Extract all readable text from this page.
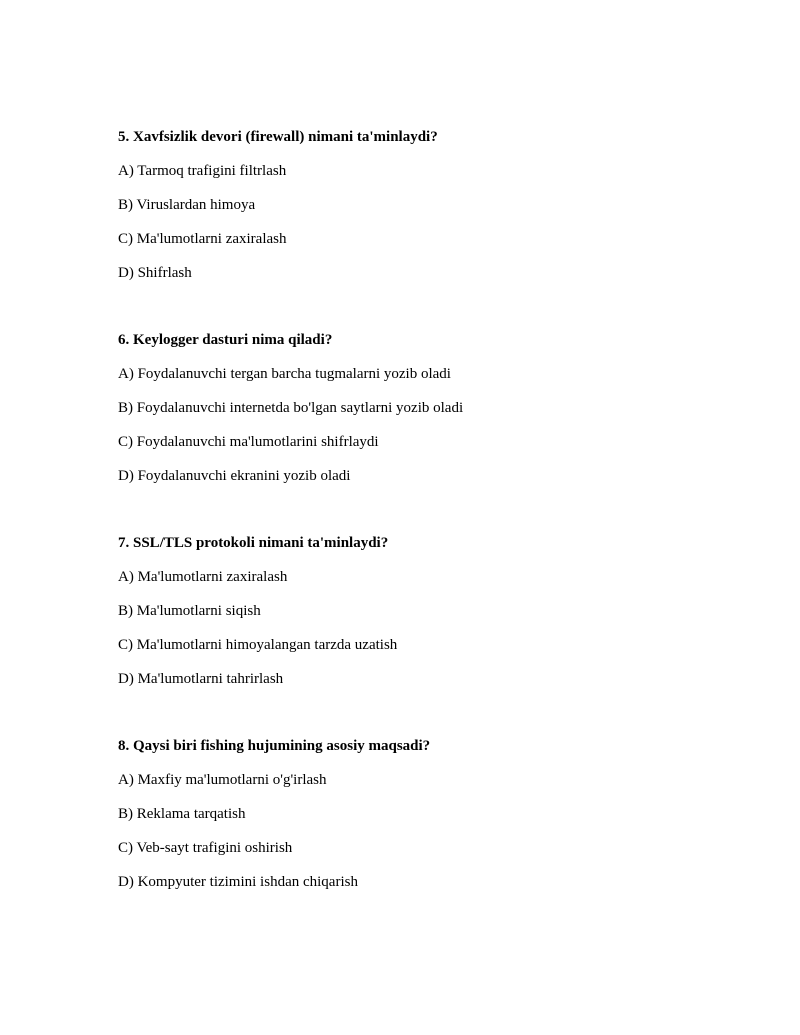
5. Xavfsizlik devori (firewall) nimani ta'minlaydi?
A) Tarmoq trafigini filtrlash
B) Viruslardan himoya
C) Ma'lumotlarni zaxiralash
D) Shifrlash
6. Keylogger dasturi nima qiladi?
A) Foydalanuvchi tergan barcha tugmalarni yozib oladi
B) Foydalanuvchi internetda bo'lgan saytlarni yozib oladi
C) Foydalanuvchi ma'lumotlarini shifrlaydi
D) Foydalanuvchi ekranini yozib oladi
7. SSL/TLS protokoli nimani ta'minlaydi?
A) Ma'lumotlarni zaxiralash
B) Ma'lumotlarni siqish
C) Ma'lumotlarni himoyalangan tarzda uzatish
D) Ma'lumotlarni tahrirlash
8. Qaysi biri fishing hujumining asosiy maqsadi?
A) Maxfiy ma'lumotlarni o'g'irlash
B) Reklama tarqatish
C) Veb-sayt trafigini oshirish
D) Kompyuter tizimini ishdan chiqarish
